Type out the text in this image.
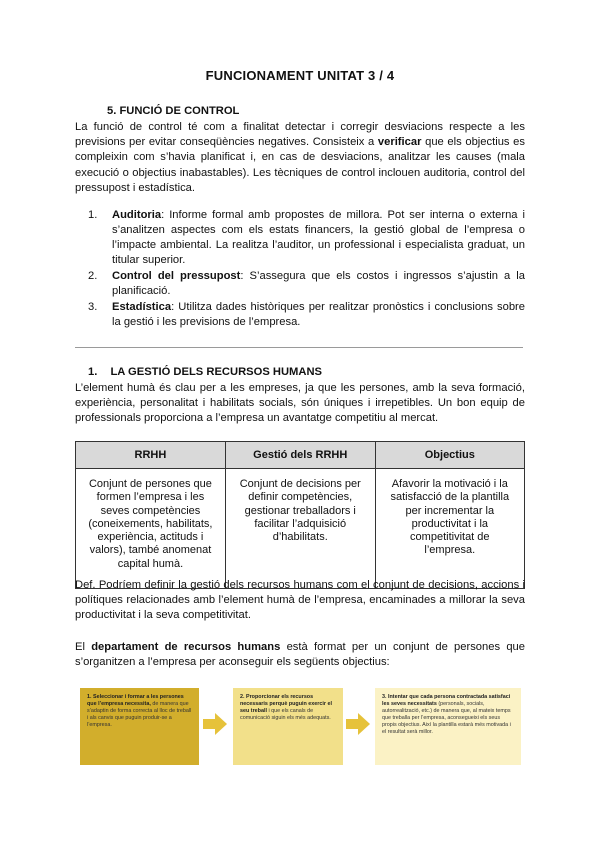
FUNCIONAMENT UNITAT 3 / 4
5. FUNCIÓ DE CONTROL
La funció de control té com a finalitat detectar i corregir desviacions respecte a les previsions per evitar conseqüències negatives. Consisteix a verificar que els objectius es compleixin com s’havia planificat i, en cas de desviacions, analitzar les causes (mala execució o objectius inabastables). Les tècniques de control inclouen auditoria, control del pressupost i estadística.
1. Auditoria: Informe formal amb propostes de millora. Pot ser interna o externa i s’analitzen aspectes com els estats financers, la gestió global de l’empresa o l’impacte ambiental. La realitza l’auditor, un professional i especialista graduat, un titular superior.
2. Control del pressupost: S’assegura que els costos i ingressos s’ajustin a la planificació.
3. Estadística: Utilitza dades històriques per realitzar pronòstics i conclusions sobre la gestió i les previsions de l’empresa.
1. LA GESTIÓ DELS RECURSOS HUMANS
L’element humà és clau per a les empreses, ja que les persones, amb la seva formació, experiència, personalitat i habilitats socials, són úniques i irrepetibles. Un bon equip de professionals proporciona a l’empresa un avantatge competitiu al mercat.
RRHH	Gestió dels RRHH	Objectius
Conjunt de persones que formen l’empresa i les seves competències (coneixements, habilitats, experiència, actituds i valors), també anomenat capital humà.	Conjunt de decisions per definir competències, gestionar treballadors i facilitar l’adquisició d’habilitats.	Afavorir la motivació i la satisfacció de la plantilla per incrementar la productivitat i la competitivitat de l’empresa.
Def. Podríem definir la gestió dels recursos humans com el conjunt de decisions, accions i polítiques relacionades amb l’element humà de l’empresa, encaminades a millorar la seva productivitat i la seva competitivitat.
El departament de recursos humans està format per un conjunt de persones que s’organitzen a l’empresa per aconseguir els següents objectius:
1. Seleccionar i formar a les persones que l’empresa necessita, de manera que s’adaptin de forma correcta al lloc de treball i als canvis que puguin produir-se a l’empresa.
2. Proporcionar els recursos necessaris perquè puguin exercir el seu treball i que els canals de comunicació siguin els més adequats.
3. Intentar que cada persona contractada satisfaci les seves necessitats (personals, socials, autorrealització, etc.) de manera que, al mateix temps que treballa per l’empresa, aconsegueixi els seus propis objectius. Així la plantilla estarà més motivada i el resultat serà millor.
